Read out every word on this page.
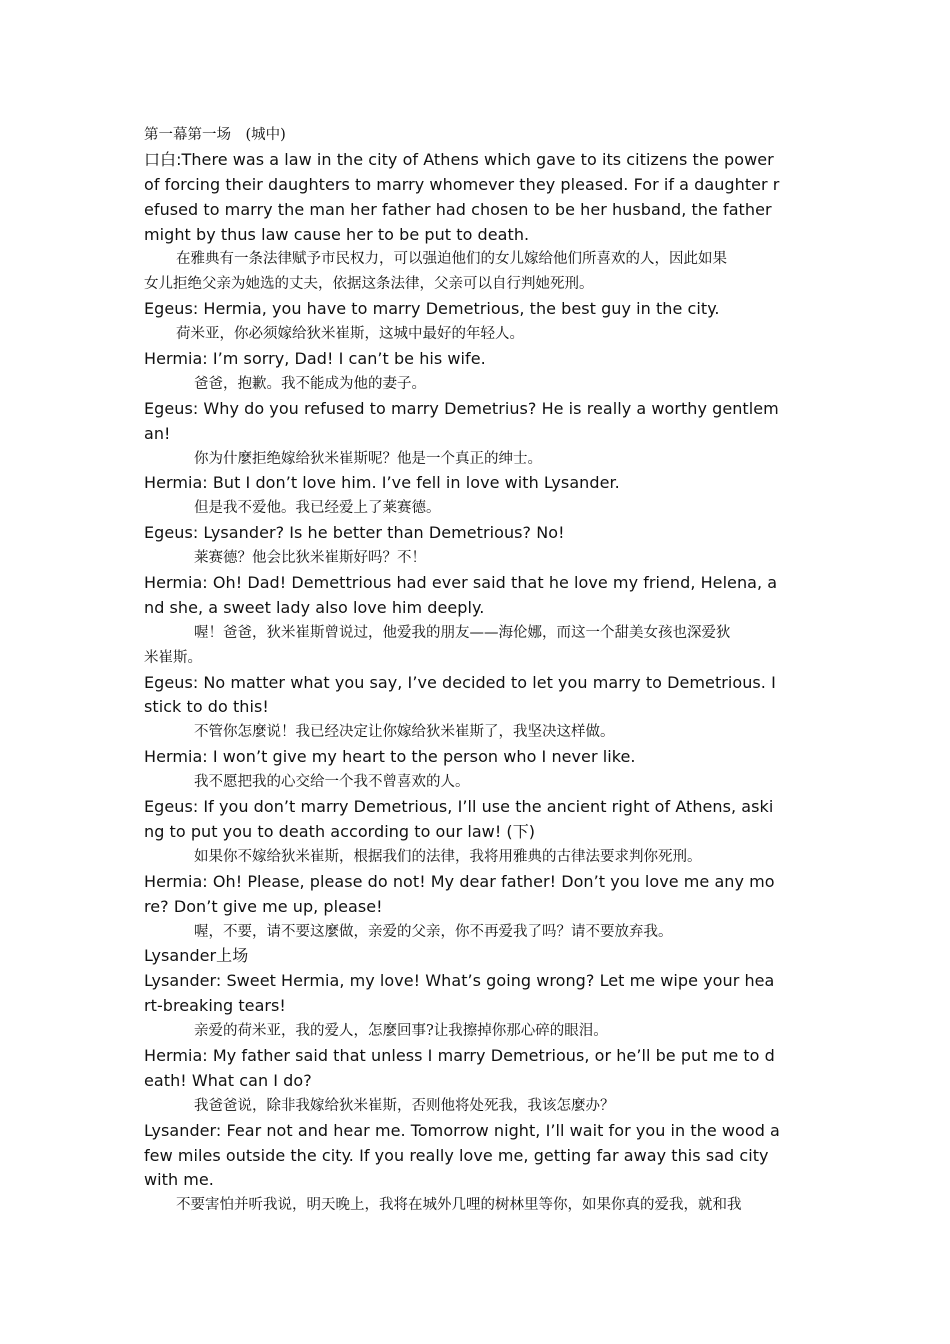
第一幕第一场　(城中)
口白:There was a law in the city of Athens which gave to its citizens the power
of forcing their daughters to marry whomever they pleased. For if a daughter r
efused to marry the man her father had chosen to be her husband, the father
might by thus law cause her to be put to death.
在雅典有一条法律赋予市民权力，可以强迫他们的女儿嫁给他们所喜欢的人，因此如果
女儿拒绝父亲为她选的丈夫，依据这条法律，父亲可以自行判她死刑。
Egeus: Hermia, you have to marry Demetrious, the best guy in the city.
荷米亚，你必须嫁给狄米崔斯，这城中最好的年轻人。
Hermia: I’m sorry, Dad! I can’t be his wife.
爸爸，抱歉。我不能成为他的妻子。
Egeus: Why do you refused to marry Demetrius? He is really a worthy gentlem
an!
你为什麼拒绝嫁给狄米崔斯呢？他是一个真正的绅士。
Hermia: But I don’t love him. I’ve fell in love with Lysander.
但是我不爱他。我已经爱上了莱赛德。
Egeus: Lysander? Is he better than Demetrious? No!
莱赛德？他会比狄米崔斯好吗？不！
Hermia: Oh! Dad! Demettrious had ever said that he love my friend, Helena, a
nd she, a sweet lady also love him deeply.
喔！爸爸，狄米崔斯曾说过，他爱我的朋友——海伦娜，而这一个甜美女孩也深爱狄
米崔斯。
Egeus: No matter what you say, I’ve decided to let you marry to Demetrious. I
stick to do this!
不管你怎麼说！我已经决定让你嫁给狄米崔斯了，我坚决这样做。
Hermia: I won’t give my heart to the person who I never like.
我不愿把我的心交给一个我不曾喜欢的人。
Egeus: If you don’t marry Demetrious, I’ll use the ancient right of Athens, aski
ng to put you to death according to our law! (下)
如果你不嫁给狄米崔斯，根据我们的法律，我将用雅典的古律法要求判你死刑。
Hermia: Oh! Please, please do not! My dear father! Don’t you love me any mo
re? Don’t give me up, please!
喔，不要，请不要这麼做，亲爱的父亲，你不再爱我了吗？请不要放弃我。
Lysander上场
Lysander: Sweet Hermia, my love! What’s going wrong? Let me wipe your hea
rt-breaking tears!
亲爱的荷米亚，我的爱人，怎麼回事?让我擦掉你那心碎的眼泪。
Hermia: My father said that unless I marry Demetrious, or he’ll be put me to d
eath! What can I do?
我爸爸说，除非我嫁给狄米崔斯，否则他将处死我，我该怎麼办？
Lysander: Fear not and hear me. Tomorrow night, I’ll wait for you in the wood a
few miles outside the city. If you really love me, getting far away this sad city
with me.
不要害怕并听我说，明天晚上，我将在城外几哩的树林里等你，如果你真的爱我，就和我
